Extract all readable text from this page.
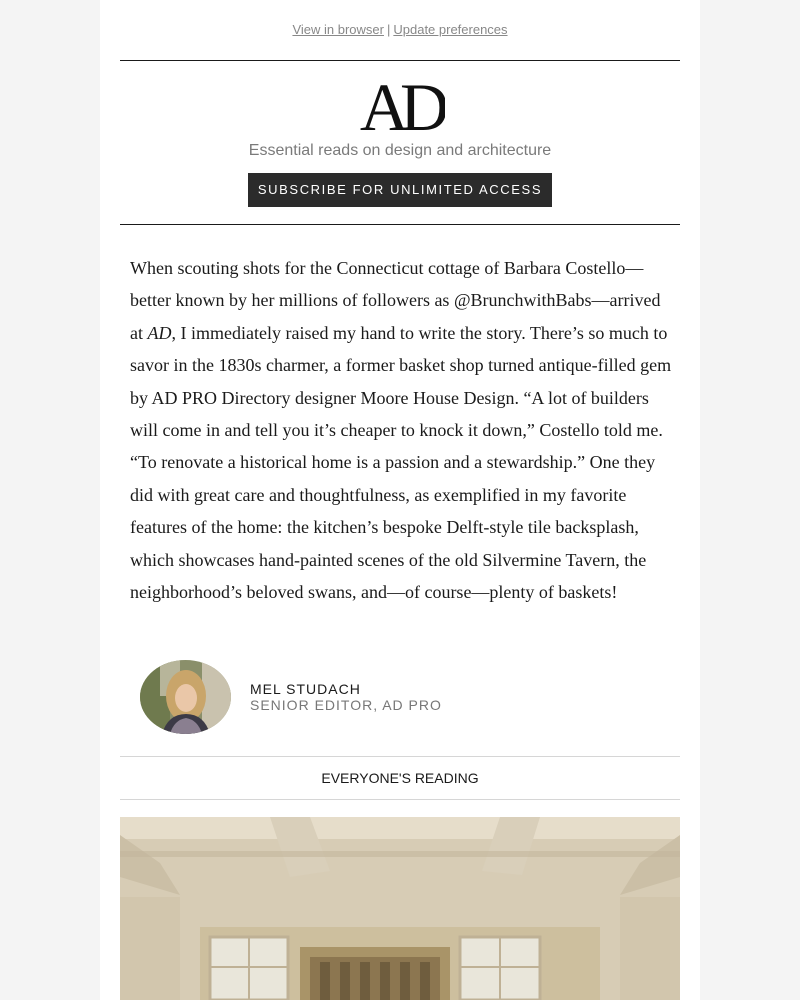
View in browser | Update preferences
AD
Essential reads on design and architecture
SUBSCRIBE FOR UNLIMITED ACCESS

When scouting shots for the Connecticut cottage of Barbara Costello—better known by her millions of followers as @BrunchwithBabs—arrived at AD, I immediately raised my hand to write the story. There’s so much to savor in the 1830s charmer, a former basket shop turned antique-filled gem by AD PRO Directory designer Moore House Design. “A lot of builders will come in and tell you it’s cheaper to knock it down,” Costello told me. “To renovate a historical home is a passion and a stewardship.” One they did with great care and thoughtfulness, as exemplified in my favorite features of the home: the kitchen’s bespoke Delft-style tile backsplash, which showcases hand-painted scenes of the old Silvermine Tavern, the neighborhood’s beloved swans, and—of course—plenty of baskets!

MEL STUDACH
SENIOR EDITOR, AD PRO
EVERYONE'S READING
